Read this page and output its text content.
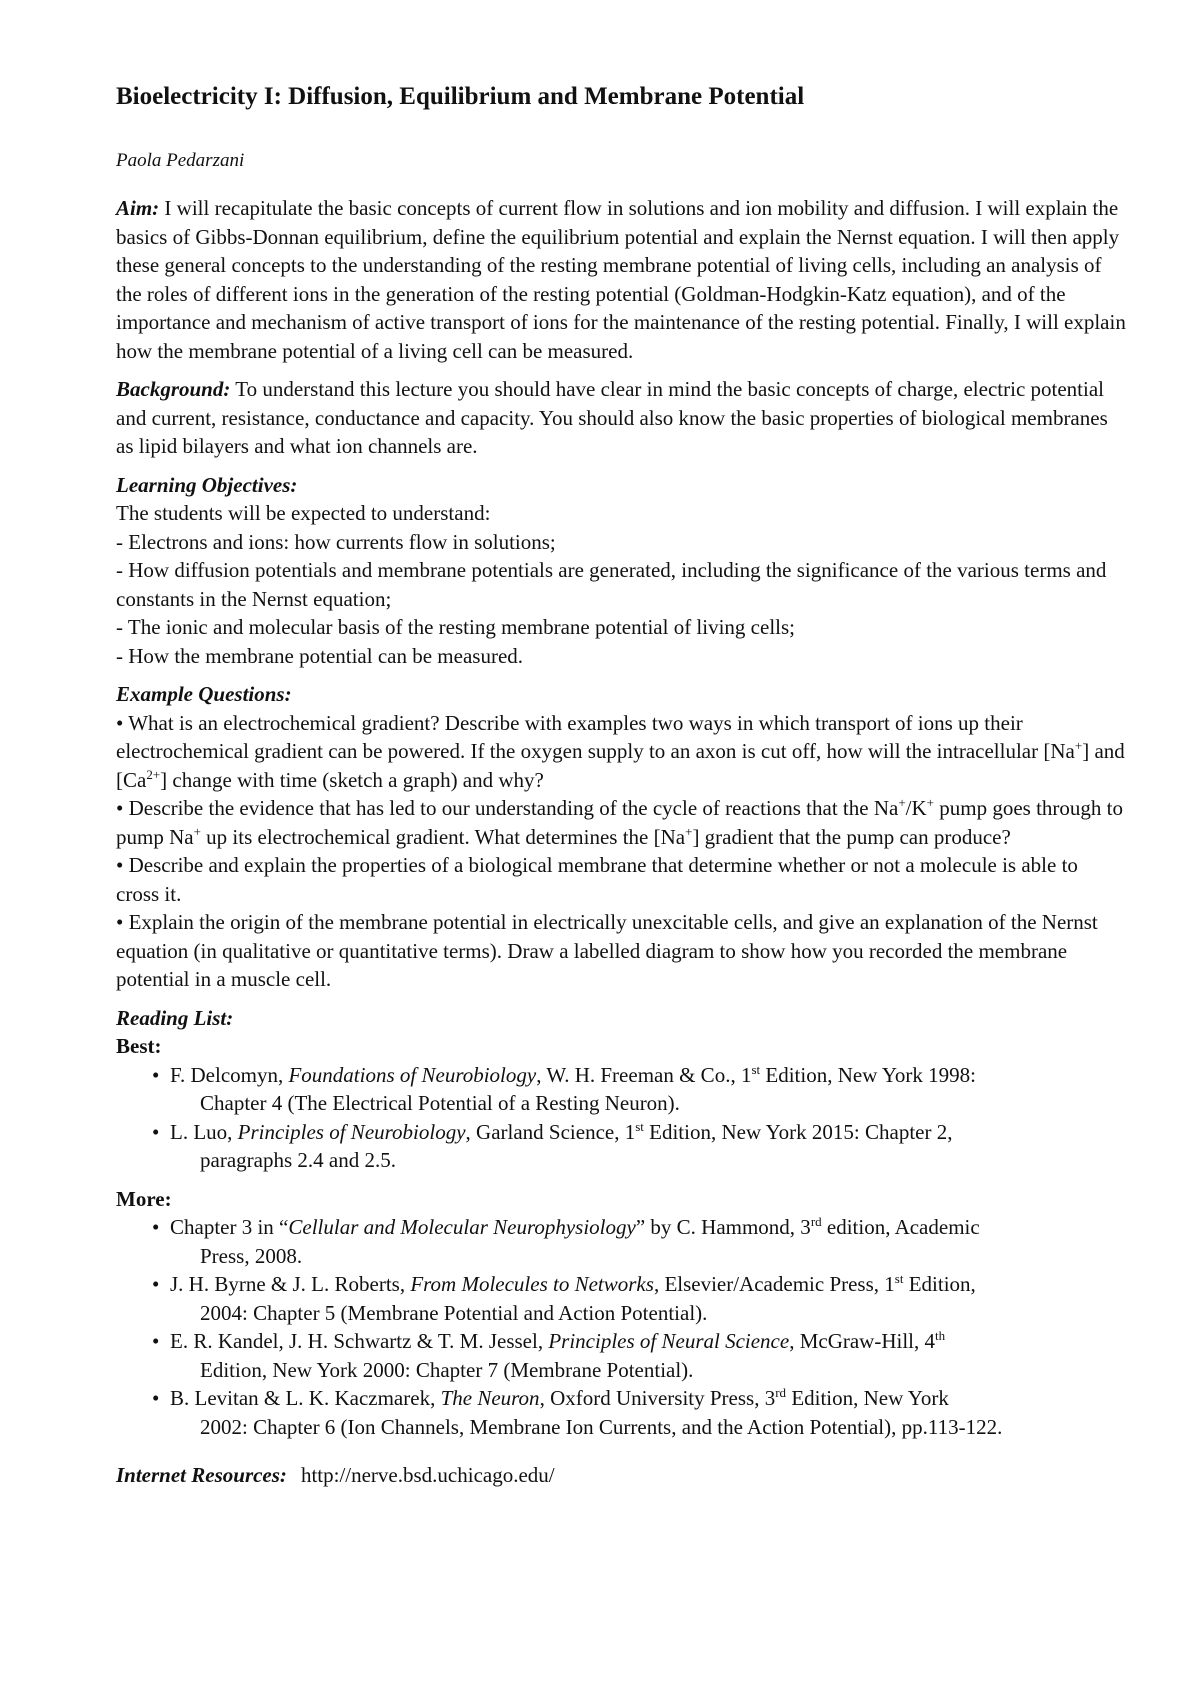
Bioelectricity I: Diffusion, Equilibrium and Membrane Potential
Paola Pedarzani

Aim: I will recapitulate the basic concepts of current flow in solutions and ion mobility and diffusion. I will explain the basics of Gibbs-Donnan equilibrium, define the equilibrium potential and explain the Nernst equation. I will then apply these general concepts to the understanding of the resting membrane potential of living cells, including an analysis of the roles of different ions in the generation of the resting potential (Goldman-Hodgkin-Katz equation), and of the importance and mechanism of active transport of ions for the maintenance of the resting potential. Finally, I will explain how the membrane potential of a living cell can be measured.

Background: To understand this lecture you should have clear in mind the basic concepts of charge, electric potential and current, resistance, conductance and capacity. You should also know the basic properties of biological membranes as lipid bilayers and what ion channels are.

Learning Objectives:
The students will be expected to understand:
- Electrons and ions: how currents flow in solutions;
- How diffusion potentials and membrane potentials are generated, including the significance of the various terms and constants in the Nernst equation;
- The ionic and molecular basis of the resting membrane potential of living cells;
- How the membrane potential can be measured.
Example Questions:
• What is an electrochemical gradient? Describe with examples two ways in which transport of ions up their electrochemical gradient can be powered. If the oxygen supply to an axon is cut off, how will the intracellular [Na+] and $[Ca^{2+}]$ change with time (sketch a graph) and why?
• Describe the evidence that has led to our understanding of the cycle of reactions that the Na+/K+ pump goes through to pump Na+ up its electrochemical gradient. What determines the [Na+] gradient that the pump can produce?
• Describe and explain the properties of a biological membrane that determine whether or not a molecule is able to cross it.
• Explain the origin of the membrane potential in electrically unexcitable cells, and give an explanation of the Nernst equation (in qualitative or quantitative terms). Draw a labelled diagram to show how you recorded the membrane potential in a muscle cell.
Reading List:
Best:
• F. Delcomyn, Foundations of Neurobiology, W. H. Freeman & Co., 1st Edition, New York 1998:
Chapter 4 (The Electrical Potential of a Resting Neuron).
• L. Luo, Principles of Neurobiology, Garland Science, 1st Edition, New York 2015: Chapter 2,
paragraphs 2.4 and 2.5.
More:
• Chapter 3 in “Cellular and Molecular Neurophysiology” by C. Hammond, 3rd edition, Academic
Press, 2008.
• J. H. Byrne & J. L. Roberts, From Molecules to Networks, Elsevier/Academic Press, 1st Edition,
2004: Chapter 5 (Membrane Potential and Action Potential).
• E. R. Kandel, J. H. Schwartz & T. M. Jessel, Principles of Neural Science, McGraw-Hill, 4th
Edition, New York 2000: Chapter 7 (Membrane Potential).
• B. Levitan & L. K. Kaczmarek, The Neuron, Oxford University Press, 3rd Edition, New York
2002: Chapter 6 (Ion Channels, Membrane Ion Currents, and the Action Potential), pp.113-122.
Internet Resources: http://nerve.bsd.uchicago.edu/
